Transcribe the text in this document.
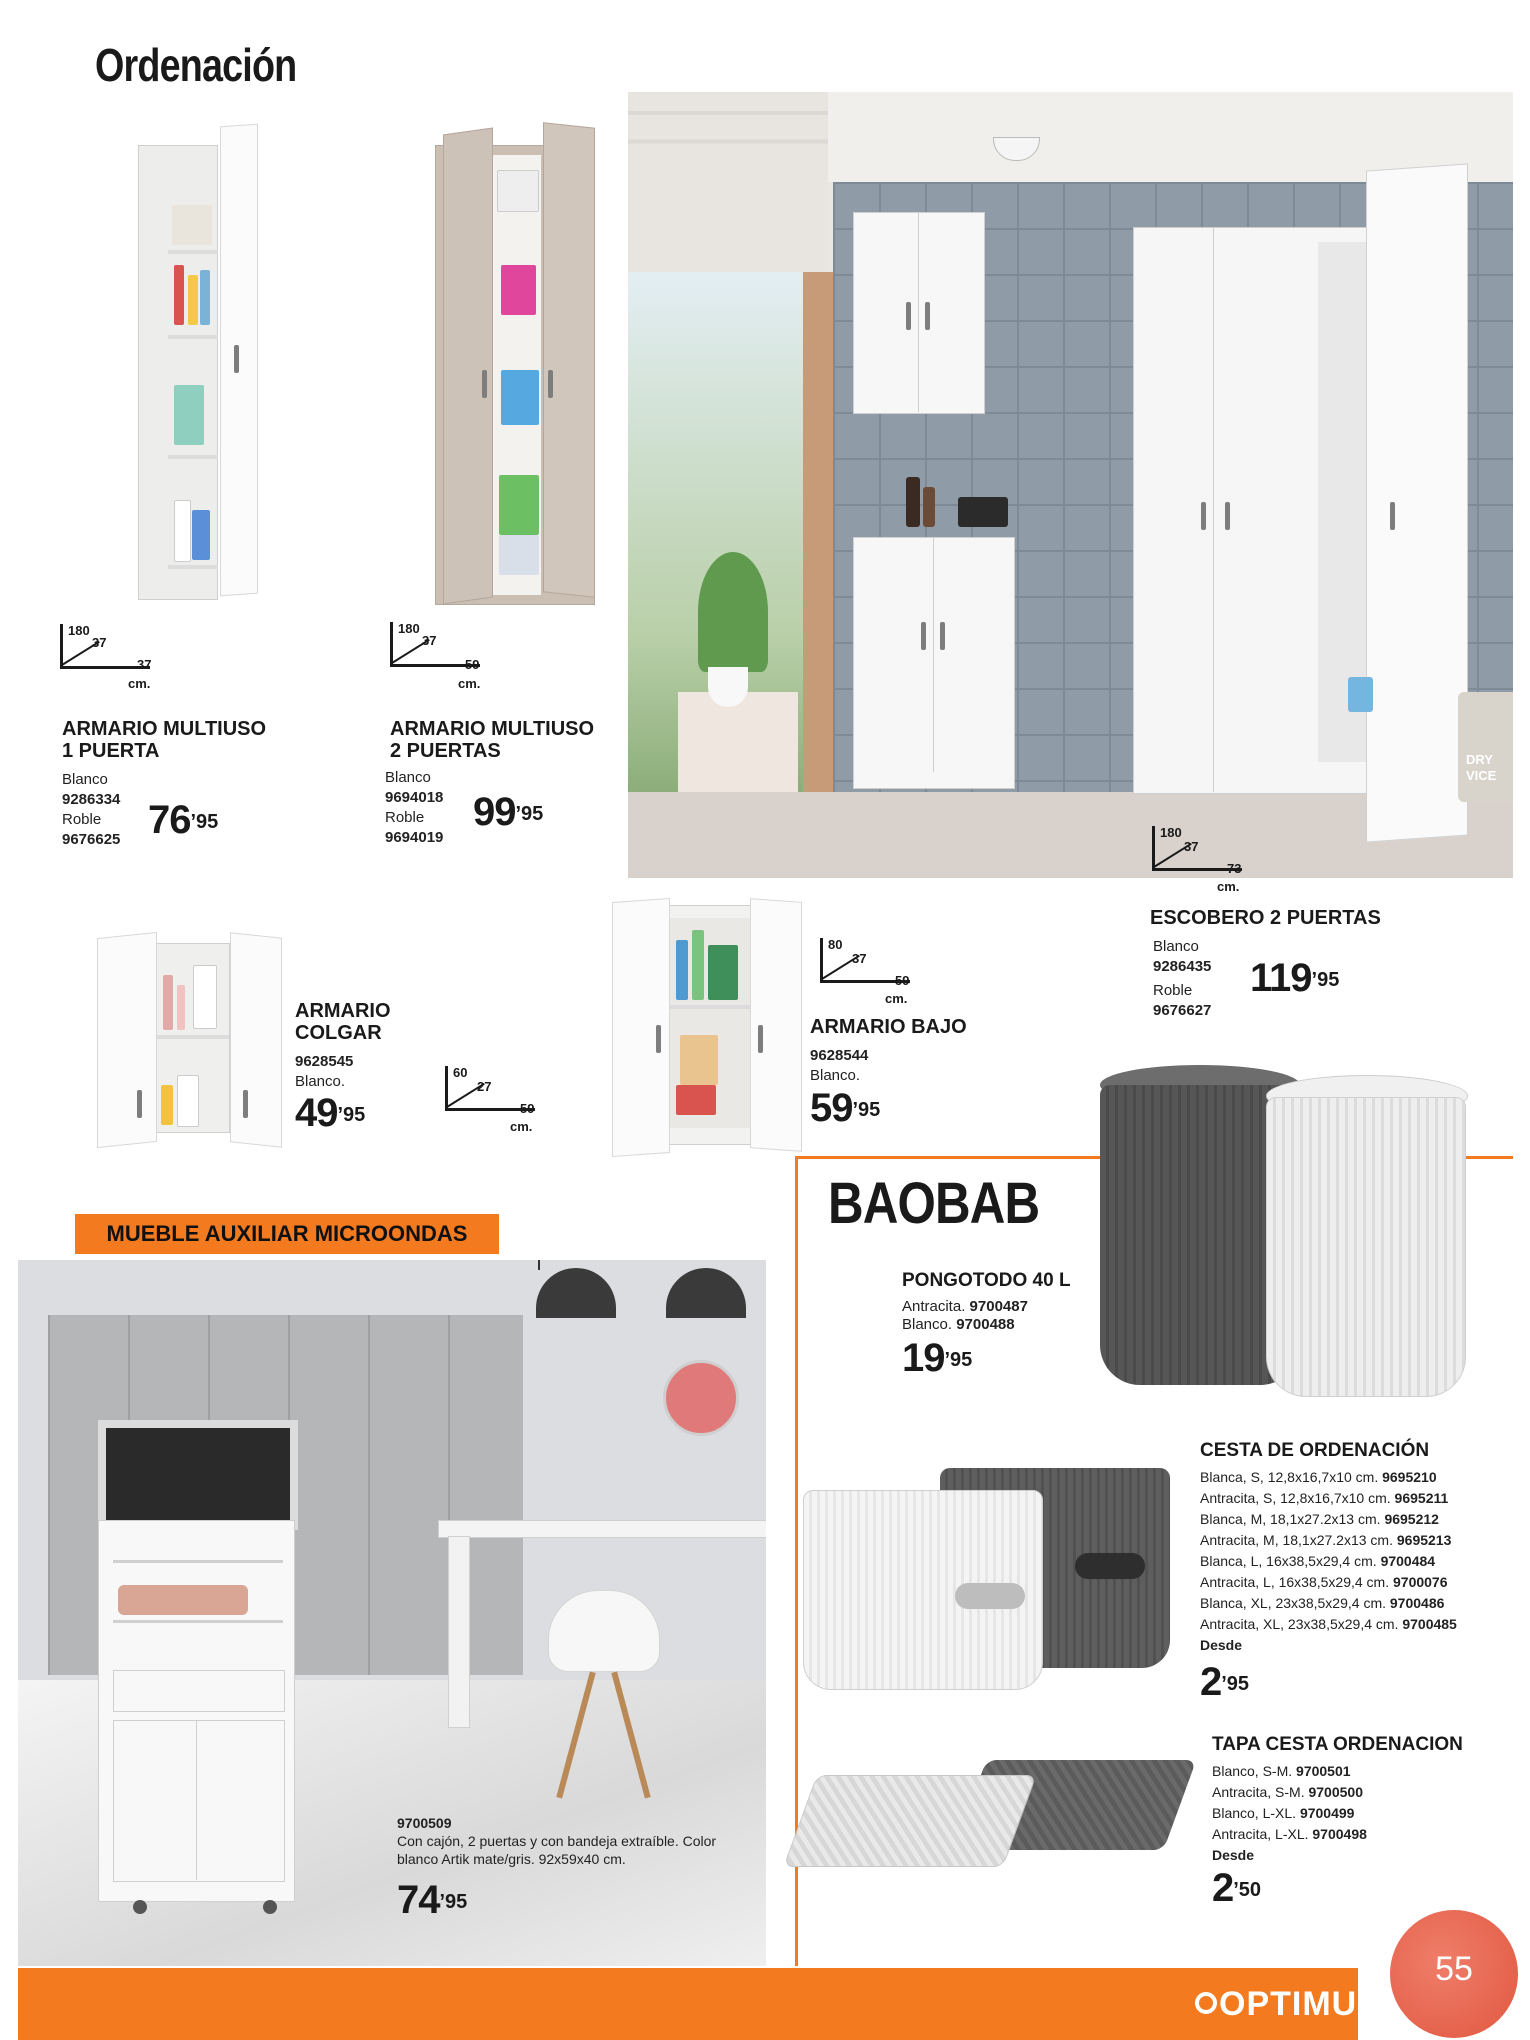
Ordenación
180
37
37
cm.
ARMARIO MULTIUSO
1 PUERTA
Blanco
9286334
Roble
9676625 $76^{’95}$
180
37
59
cm.
ARMARIO MULTIUSO
2 PUERTAS
Blanco
9694018
Roble
9694019
$99^{’95}$
DRY VICE
180
37
73
cm.
ESCOBERO 2 PUERTAS
Blanco
9286435
Roble
9676627
$119^{’95}$
ARMARIO
COLGAR
9628545
Blanco.
$49^{’95}$
60
27
59
cm.
80
37
59
cm.
ARMARIO BAJO
9628544
Blanco.
$59^{’95}$
MUEBLE AUXILIAR MICROONDAS
9700509
Con cajón, 2 puertas y con bandeja extraíble. Color
blanco Artik mate/gris. 92x59x40 cm.
$74^{’95}$
BAOBAB
PONGOTODO 40 L
Antracita. 9700487
Blanco. 9700488
$19^{’95}$
CESTA DE ORDENACIÓN
Blanca, S, 12,8x16,7x10 cm. 9695210
Antracita, S, 12,8x16,7x10 cm. 9695211
Blanca, M, 18,1x27.2x13 cm. 9695212
Antracita, M, 18,1x27.2x13 cm. 9695213
Blanca, L, 16x38,5x29,4 cm. 9700484
Antracita, L, 16x38,5x29,4 cm. 9700076
Blanca, XL, 23x38,5x29,4 cm. 9700486
Antracita, XL, 23x38,5x29,4 cm. 9700485
Desde
$2^{’95}$
TAPA CESTA ORDENACION
Blanco, S-M. 9700501
Antracita, S-M. 9700500
Blanco, L-XL. 9700499
Antracita, L-XL. 9700498
Desde
$2^{’50}$
OPTIMUS
55
